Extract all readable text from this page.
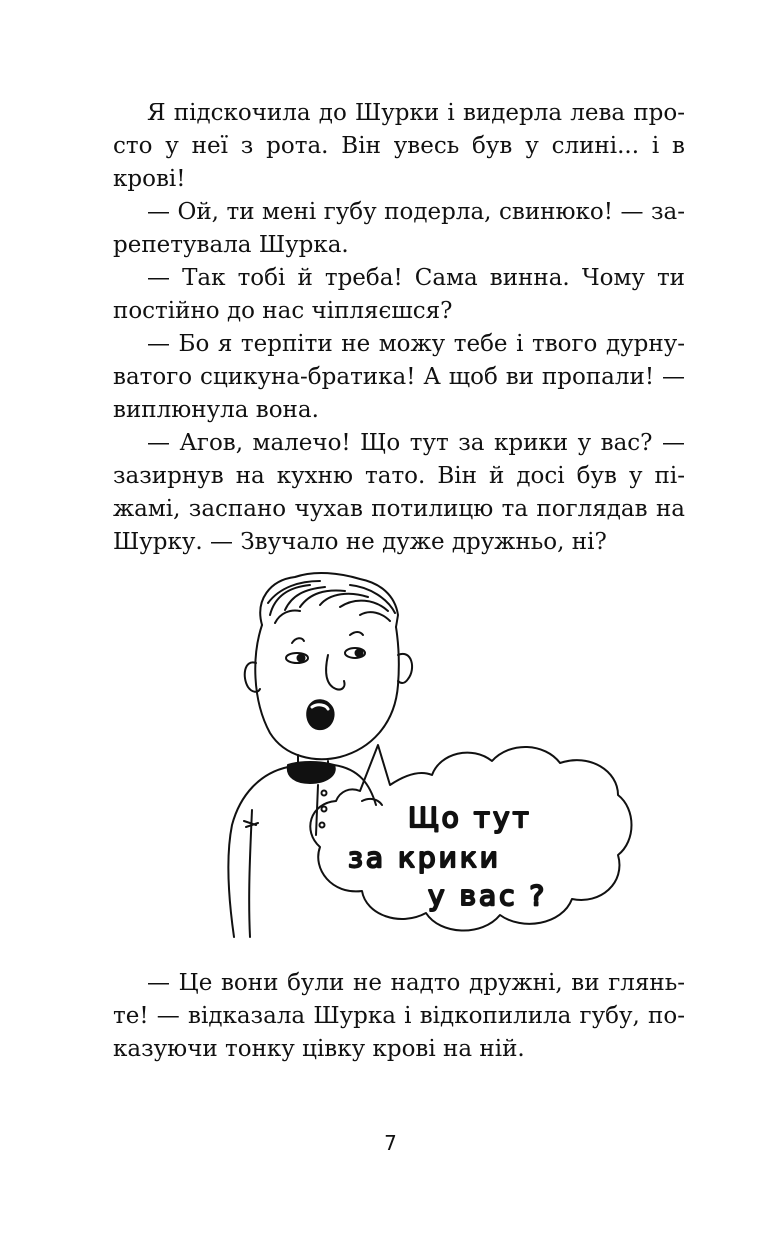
Я підскочила до Шурки і видерла лева про-
сто у неї з рота. Він увесь був у слині... і в
крові!
— Ой, ти мені губу подерла, свинюко! — за-
репетувала Шурка.
— Так тобі й треба! Сама винна. Чому ти
постійно до нас чіпляєшся?
— Бо я терпіти не можу тебе і твого дурну-
ватого сцикуна-братика! А щоб ви пропали! —
виплюнула вона.
— Агов, малечо! Що тут за крики у вас? —
зазирнув на кухню тато. Він й досі був у пі-
жамі, заспано чухав потилицю та поглядав на
Шурку. — Звучало не дуже дружньо, ні?
Що тут
за крики
у вас ?
— Це вони були не надто дружні, ви глянь-
те! — відказала Шурка і відкопилила губу, по-
казуючи тонку цівку крові на ній.
7
